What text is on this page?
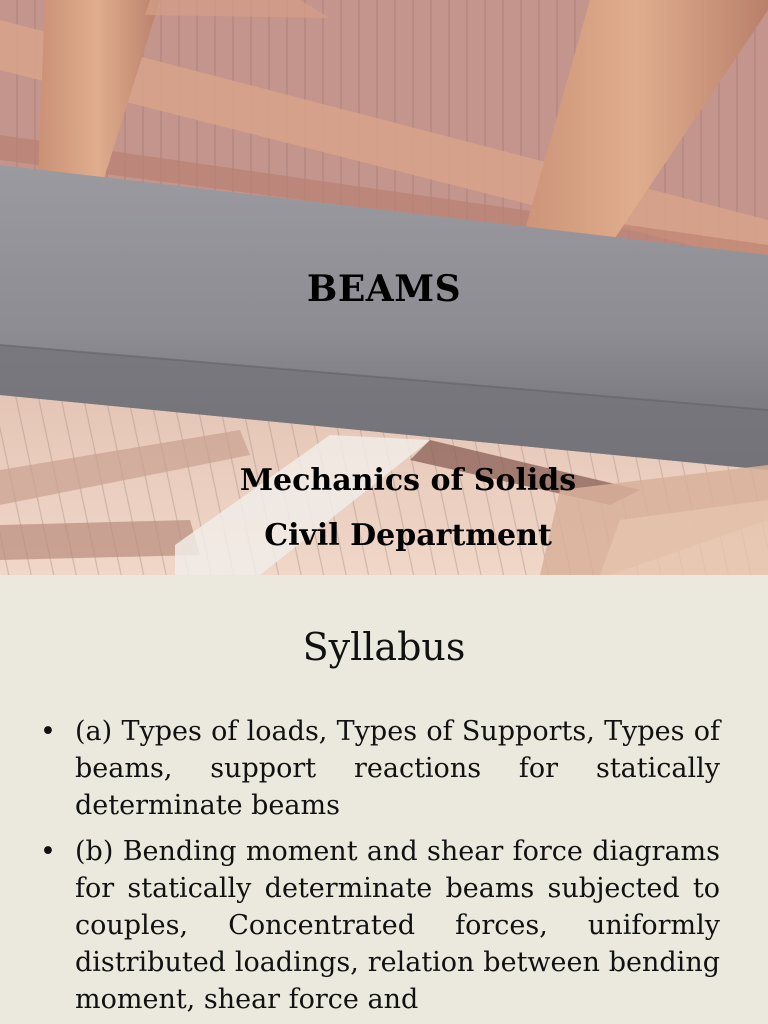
BEAMS
Mechanics of Solids
Civil Department
Syllabus
• (a) Types of loads, Types of Supports, Types of beams, support reactions for statically determinate beams
• (b) Bending moment and shear force diagrams for statically determinate beams subjected to couples, Concentrated forces, uniformly distributed loadings, relation between bending moment, shear force and
